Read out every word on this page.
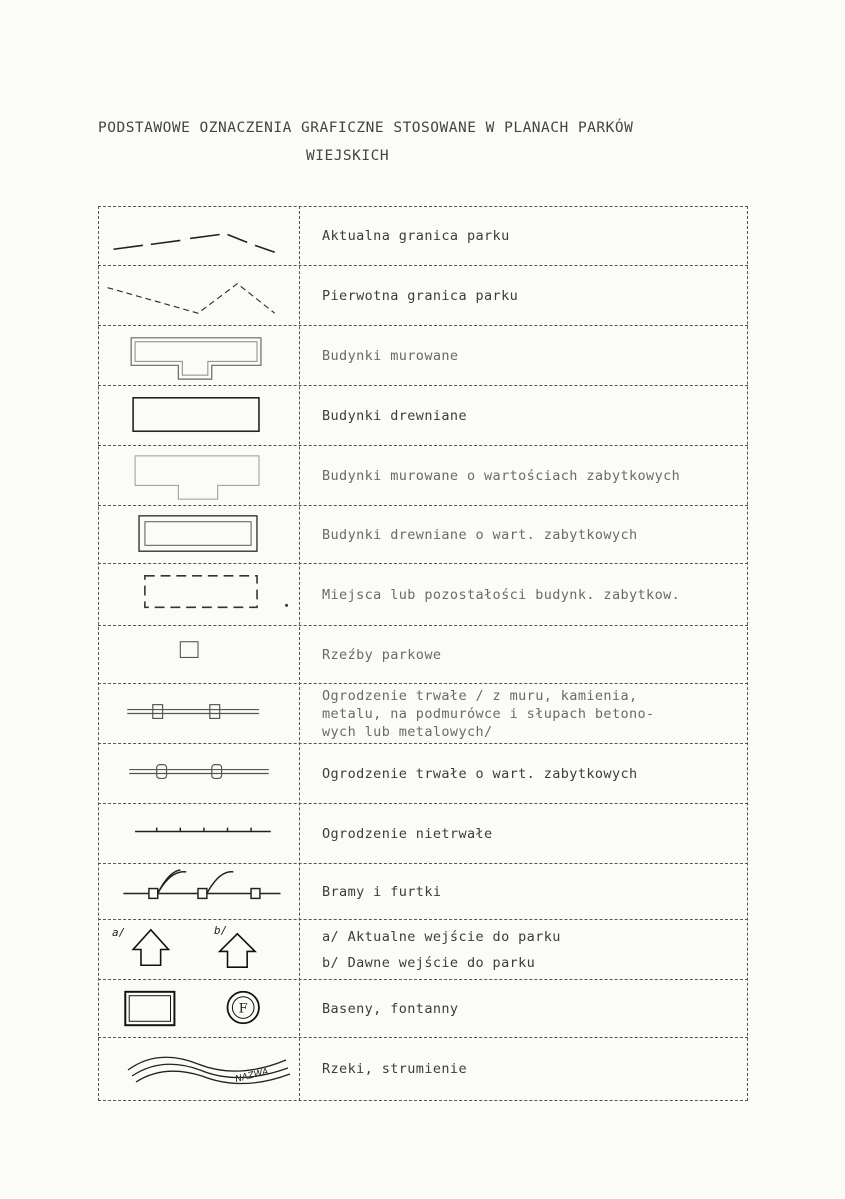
PODSTAWOWE OZNACZENIA GRAFICZNE STOSOWANE W PLANACH PARKÓW
WIEJSKICH
Aktualna granica parku
Pierwotna granica parku
Budynki murowane
Budynki drewniane
Budynki murowane o wartościach zabytkowych
Budynki drewniane o wart. zabytkowych
Miejsca lub pozostałości budynk. zabytkow.
Rzeźby parkowe
Ogrodzenie trwałe / z muru, kamienia,
metalu, na podmurówce i słupach betono-
wych lub metalowych/
Ogrodzenie trwałe o wart. zabytkowych
Ogrodzenie nietrwałe
Bramy i furtki
a/	b/	a/ Aktualne wejście do parku
b/ Dawne wejście do parku
F	Baseny, fontanny
NAZWA	Rzeki, strumienie
